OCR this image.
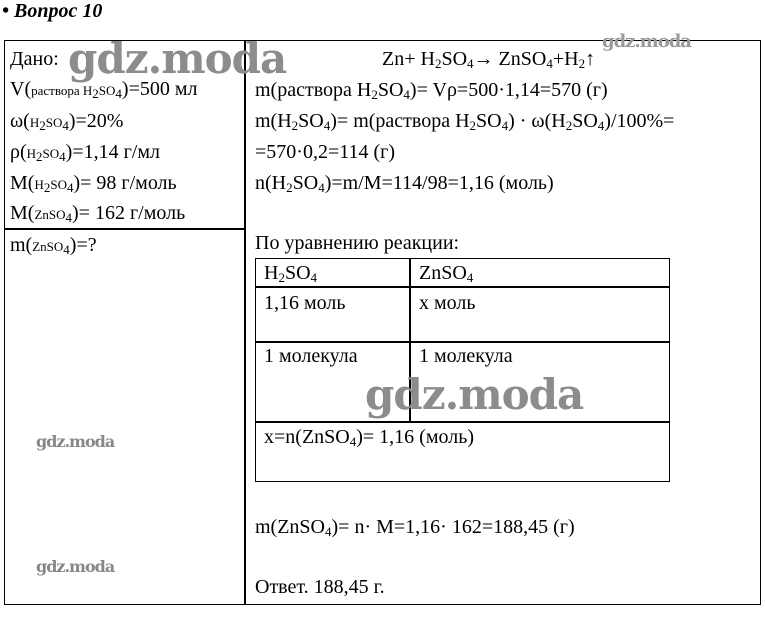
• Вопрос 10
Дано:
V(раствора $H_2SO_4)=500$ мл
$\omega(H_2SO_4)=20\%$
$\rho(H_2SO_4)=1,14$ г/мл
$M(H_2SO_4)= 98$ г/моль
M(ZnSO$_4$)= 162 г/моль
m(ZnSO$_4$)=?
$Zn+ H_2SO_4\to$ $ZnSO_4+H_2↑$
m(раствора $H_2SO_4)= V\rho=500\cdot 1,14=570$ (г)
$m(H_2SO_4)=$ m(раствора $H_2SO_4) \cdot \omega(H_2SO_4)/100\%=$
=570·0,2=114 (г)
$n(H_2SO_4)=m/M=114/98=1,16$ (моль)
По уравнению реакции:
$H_2SO_4$	ZnSO$_4$
1,16 моль	х моль
1 молекула	1 молекула
x=n(ZnSO$_4$)= 1,16 (моль)
m(ZnSO$_4$)= n· M=1,16· 162=188,45 (г)
Ответ. 188,45 г.
gdz.moda	gdz.moda
gdz.moda
gdz.moda
gdz.moda
